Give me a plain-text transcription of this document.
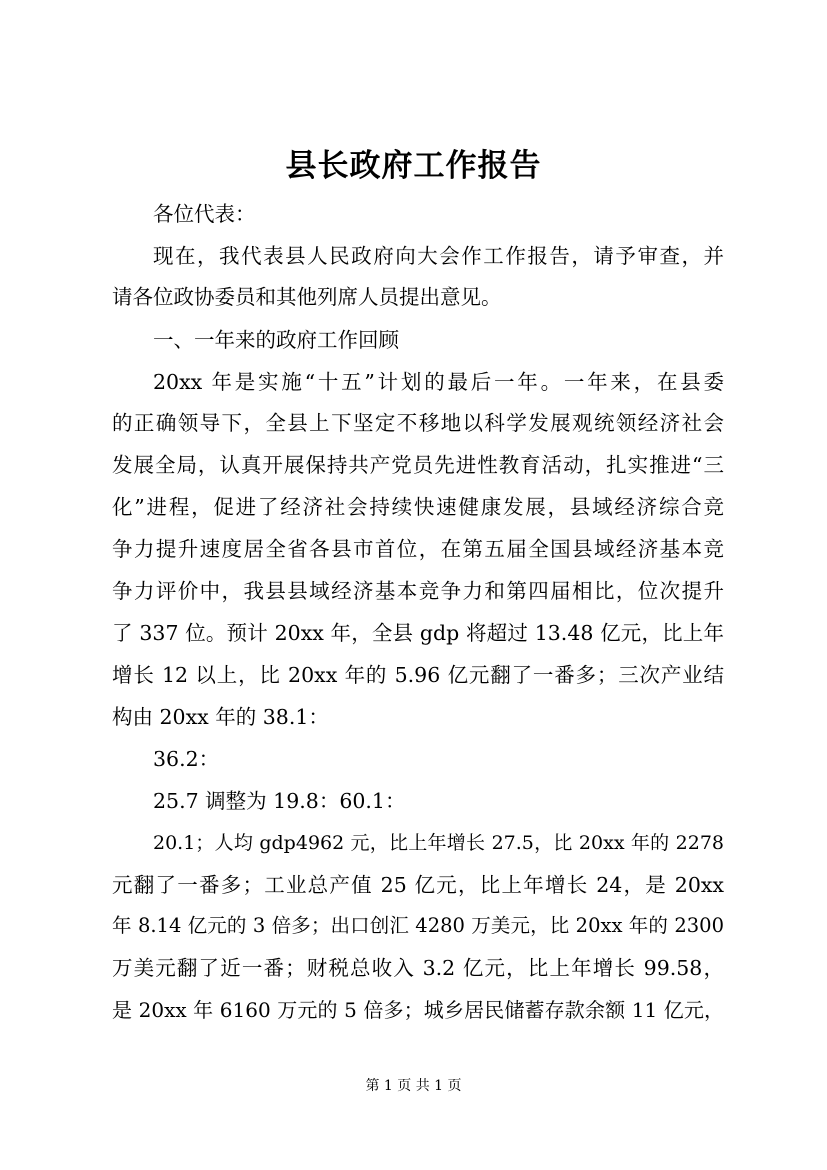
县长政府工作报告
各位代表：
现在，我代表县人民政府向大会作工作报告，请予审查，并
请各位政协委员和其他列席人员提出意见。
一、一年来的政府工作回顾
20xx 年是实施“十五”计划的最后一年。一年来，在县委
的正确领导下，全县上下坚定不移地以科学发展观统领经济社会
发展全局，认真开展保持共产党员先进性教育活动，扎实推进“三
化”进程，促进了经济社会持续快速健康发展，县域经济综合竞
争力提升速度居全省各县市首位，在第五届全国县域经济基本竞
争力评价中，我县县域经济基本竞争力和第四届相比，位次提升
了 337 位。预计 20xx 年，全县 gdp 将超过 13.48 亿元，比上年
增长 12 以上，比 20xx 年的 5.96 亿元翻了一番多；三次产业结
构由 20xx 年的 38.1：
36.2：
25.7 调整为 19.8：60.1：
20.1；人均 gdp4962 元，比上年增长 27.5，比 20xx 年的 2278
元翻了一番多；工业总产值 25 亿元，比上年增长 24，是 20xx
年 8.14 亿元的 3 倍多；出口创汇 4280 万美元，比 20xx 年的 2300
万美元翻了近一番；财税总收入 3.2 亿元，比上年增长 99.58，
是 20xx 年 6160 万元的 5 倍多；城乡居民储蓄存款余额 11 亿元，
第 1 页 共 1 页
